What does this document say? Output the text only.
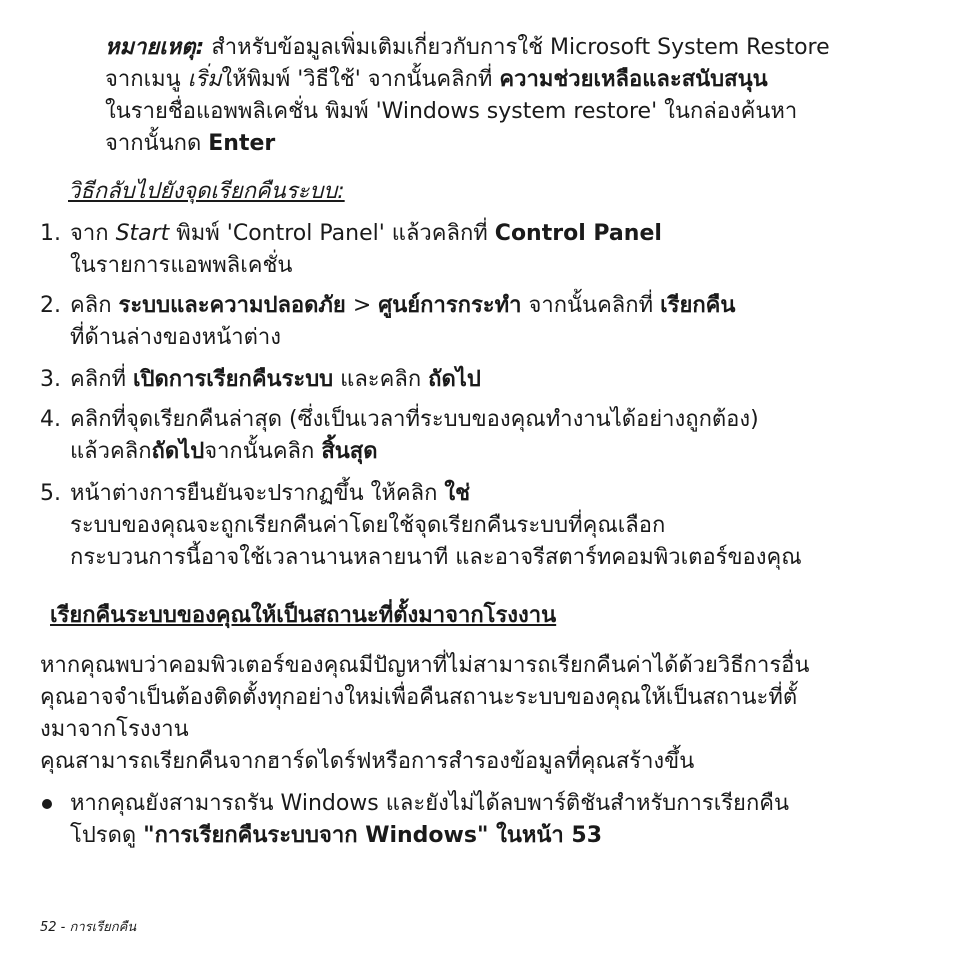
หมายเหตุ: สำหรับข้อมูลเพิ่มเติมเกี่ยวกับการใช้ Microsoft System Restore
จากเมนู เริ่มให้พิมพ์ 'วิธีใช้' จากนั้นคลิกที่ ความช่วยเหลือและสนับสนุน
ในรายชื่อแอพพลิเคชั่น พิมพ์ 'Windows system restore' ในกล่องค้นหา
จากนั้นกด Enter
วิธีกลับไปยังจุดเรียกคืนระบบ:
1. จาก Start พิมพ์ 'Control Panel' แล้วคลิกที่ Control Panel
ในรายการแอพพลิเคชั่น
2. คลิก ระบบและความปลอดภัย > ศูนย์การกระทำ จากนั้นคลิกที่ เรียกคืน
ที่ด้านล่างของหน้าต่าง
3. คลิกที่ เปิดการเรียกคืนระบบ และคลิก ถัดไป
4. คลิกที่จุดเรียกคืนล่าสุด (ซึ่งเป็นเวลาที่ระบบของคุณทำงานได้อย่างถูกต้อง)
แล้วคลิกถัดไปจากนั้นคลิก สิ้นสุด
5. หน้าต่างการยืนยันจะปรากฏขึ้น ให้คลิก ใช่
ระบบของคุณจะถูกเรียกคืนค่าโดยใช้จุดเรียกคืนระบบที่คุณเลือก
กระบวนการนี้อาจใช้เวลานานหลายนาที และอาจรีสตาร์ทคอมพิวเตอร์ของคุณ
เรียกคืนระบบของคุณให้เป็นสถานะที่ตั้งมาจากโรงงาน
หากคุณพบว่าคอมพิวเตอร์ของคุณมีปัญหาที่ไม่สามารถเรียกคืนค่าได้ด้วยวิธีการอื่น
คุณอาจจำเป็นต้องติดตั้งทุกอย่างใหม่เพื่อคืนสถานะระบบของคุณให้เป็นสถานะที่ตั้
งมาจากโรงงาน
คุณสามารถเรียกคืนจากฮาร์ดไดร์ฟหรือการสำรองข้อมูลที่คุณสร้างขึ้น
หากคุณยังสามารถรัน Windows และยังไม่ได้ลบพาร์ติชันสำหรับการเรียกคืน
โปรดดู "การเรียกคืนระบบจาก Windows" ในหน้า 53
52 - การเรียกคืน
